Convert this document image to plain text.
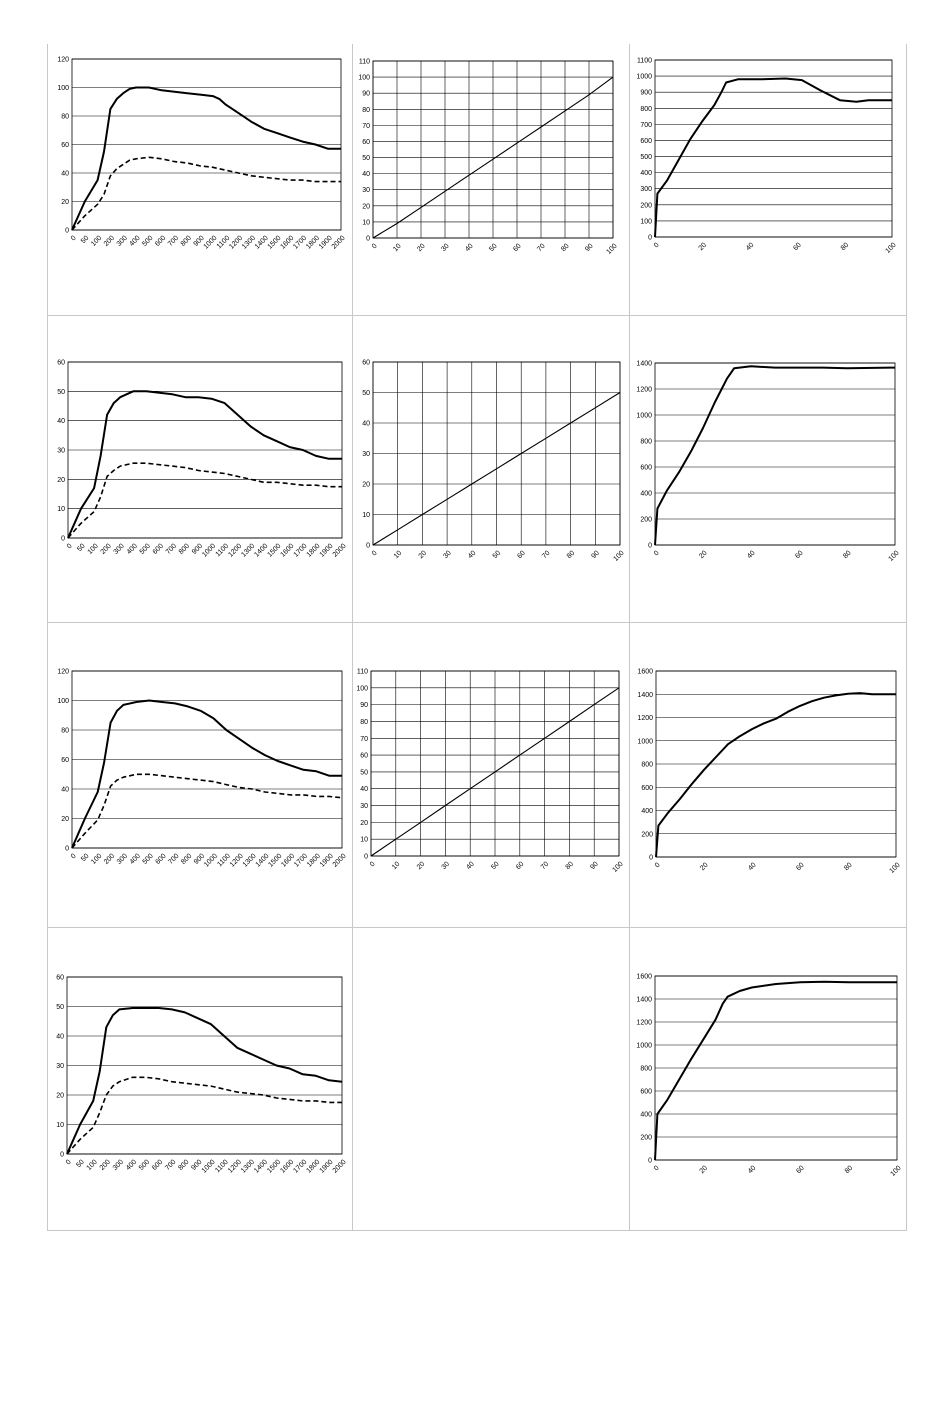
0
20
40
60
80
100
120
0 50 100 200 300 400 500 600 700 800 900
1000
1100
1200
1300
1400
1500
1600
1700
1800
1900
2000	0
10
20
30
40
50
60
70
80
90
100
110
0 10 20 30 40 50 60 70 80 90 100
0
100
200
300
400
500
600
700
800
900
1000
1100
0	20	40	60	80	100
0
10
20
30
40
50
60
0 50 100 200 300 400 500 600 700 800 900
1000
1100
1200
1300
1400
1500
1600
1700
1800
1900
2000	0
10
20
30
40
50
60
0 10 20 30 40 50 60 70 80 90 100
0
200
400
600
800
1000
1200
1400
0	20	40	60	80	100
0
20
40
60
80
100
120
0 50 100 200 300 400 500 600 700 800 900
1000
1100
1200
1300
1400
1500
1600
1700
1800
1900
2000 0
10
20
30
40
50
60
70
80
90
100
110
0 10 20 30 40 50 60 70 80 90 100
0
200
400
600
800
1000
1200
1400
1600
0	20	40	60	80	100
0
10
20
30
40
50
60
0 50 100 200 300 400 500 600 700 800 900
1000
1100
1200
1300
1400
1500
1600
1700
1800
1900
2000	0
200
400
600
800
1000
1200
1400
1600
0	20	40	60	80	100
